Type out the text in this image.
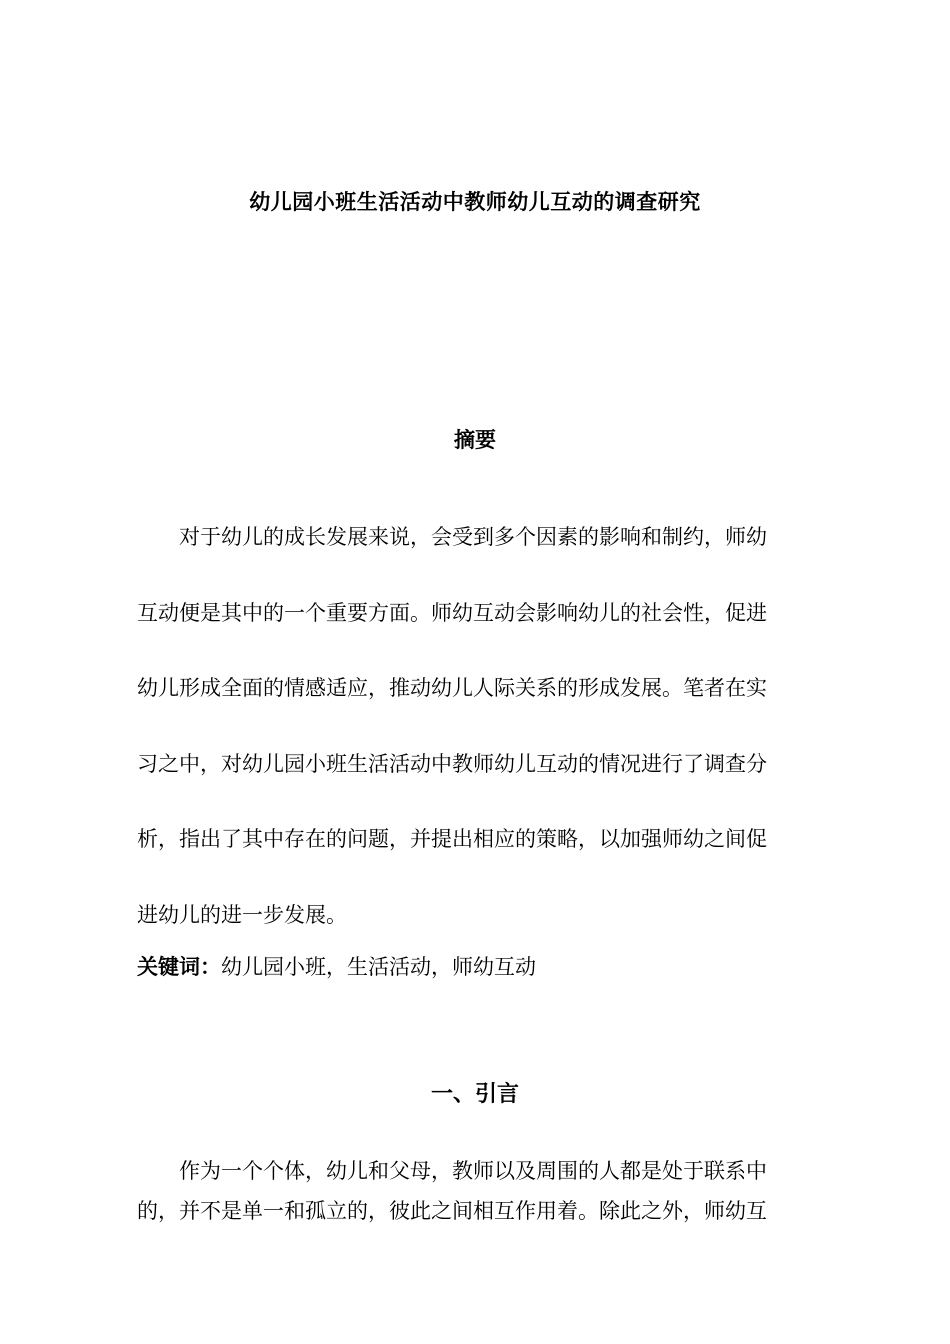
幼儿园小班生活活动中教师幼儿互动的调查研究
摘要
对于幼儿的成长发展来说，会受到多个因素的影响和制约，师幼
互动便是其中的一个重要方面。师幼互动会影响幼儿的社会性，促进
幼儿形成全面的情感适应，推动幼儿人际关系的形成发展。笔者在实
习之中，对幼儿园小班生活活动中教师幼儿互动的情况进行了调查分
析，指出了其中存在的问题，并提出相应的策略，以加强师幼之间促
进幼儿的进一步发展。
关键词：幼儿园小班，生活活动，师幼互动
一、引言
作为一个个体，幼儿和父母，教师以及周围的人都是处于联系中
的，并不是单一和孤立的，彼此之间相互作用着。除此之外，师幼互
